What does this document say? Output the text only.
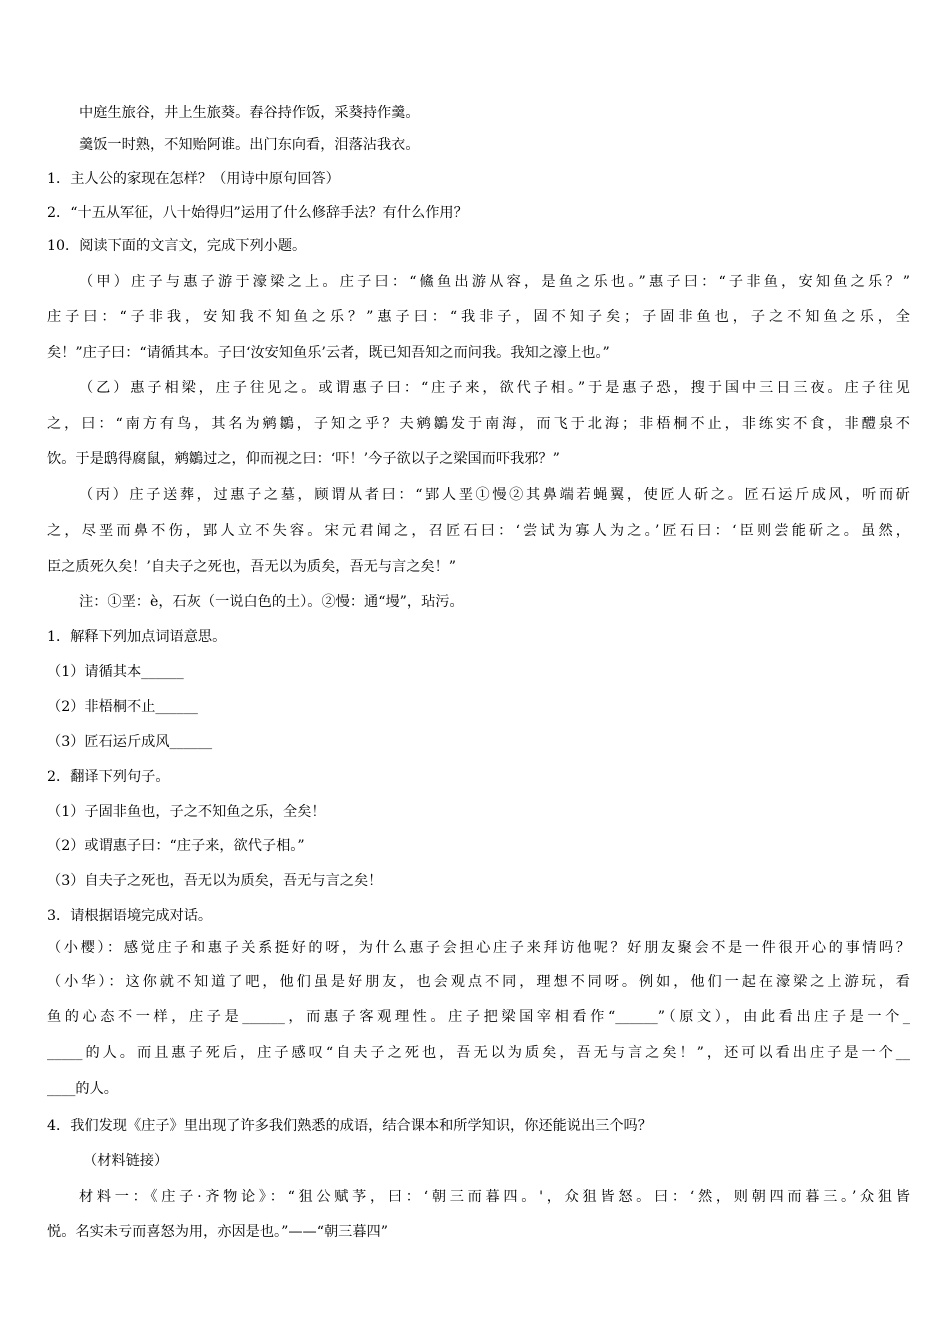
中庭生旅谷，井上生旅葵。舂谷持作饭，采葵持作羹。
羹饭一时熟，不知贻阿谁。出门东向看，泪落沾我衣。
1．主人公的家现在怎样？（用诗中原句回答）
2．“十五从军征，八十始得归”运用了什么修辞手法？有什么作用？
10．阅读下面的文言文，完成下列小题。
（甲）庄子与惠子游于濠梁之上。庄子曰：“鯈鱼出游从容，是鱼之乐也。”惠子曰：“子非鱼，安知鱼之乐？”
庄子曰：“子非我，安知我不知鱼之乐？”惠子曰：“我非子，固不知子矣；子固非鱼也，子之不知鱼之乐，全
矣！”庄子曰：“请循其本。子曰‘汝安知鱼乐’云者，既已知吾知之而问我。我知之濠上也。”
（乙）惠子相梁，庄子往见之。或谓惠子曰：“庄子来，欲代子相。”于是惠子恐，搜于国中三日三夜。庄子往见
之，曰：“南方有鸟，其名为鹓鶵，子知之乎？夫鹓鶵发于南海，而飞于北海；非梧桐不止，非练实不食，非醴泉不
饮。于是鸱得腐鼠，鹓鶵过之，仰而视之曰：‘吓！’今子欲以子之梁国而吓我邪？”
（丙）庄子送葬，过惠子之墓，顾谓从者曰：“郢人垩①慢②其鼻端若蝇翼，使匠人斫之。匠石运斤成风，听而斫
之，尽垩而鼻不伤，郢人立不失容。宋元君闻之，召匠石曰：‘尝试为寡人为之。’匠石曰：‘臣则尝能斫之。虽然，
臣之质死久矣！’自夫子之死也，吾无以为质矣，吾无与言之矣！”
注：①垩：è，石灰（一说白色的土）。②慢：通“墁”，玷污。
1．解释下列加点词语意思。
（1）请循其本______
（2）非梧桐不止______
（3）匠石运斤成风______
2．翻译下列句子。
（1）子固非鱼也，子之不知鱼之乐，全矣！
（2）或谓惠子曰：“庄子来，欲代子相。”
（3）自夫子之死也，吾无以为质矣，吾无与言之矣！
3．请根据语境完成对话。
（小樱）：感觉庄子和惠子关系挺好的呀，为什么惠子会担心庄子来拜访他呢？好朋友聚会不是一件很开心的事情吗？
（小华）：这你就不知道了吧，他们虽是好朋友，也会观点不同，理想不同呀。例如，他们一起在濠梁之上游玩，看
鱼的心态不一样，庄子是______，而惠子客观理性。庄子把梁国宰相看作“______”（原文），由此看出庄子是一个_
_____的人。而且惠子死后，庄子感叹“自夫子之死也，吾无以为质矣，吾无与言之矣！”，还可以看出庄子是一个__
____的人。
4．我们发现《庄子》里出现了许多我们熟悉的成语，结合课本和所学知识，你还能说出三个吗？
（材料链接）
材料一：《庄子·齐物论》：“狙公赋芧，曰：‘朝三而暮四。'，众狙皆怒。曰：‘然，则朝四而暮三。’众狙皆
悦。名实未亏而喜怒为用，亦因是也。”——“朝三暮四”
